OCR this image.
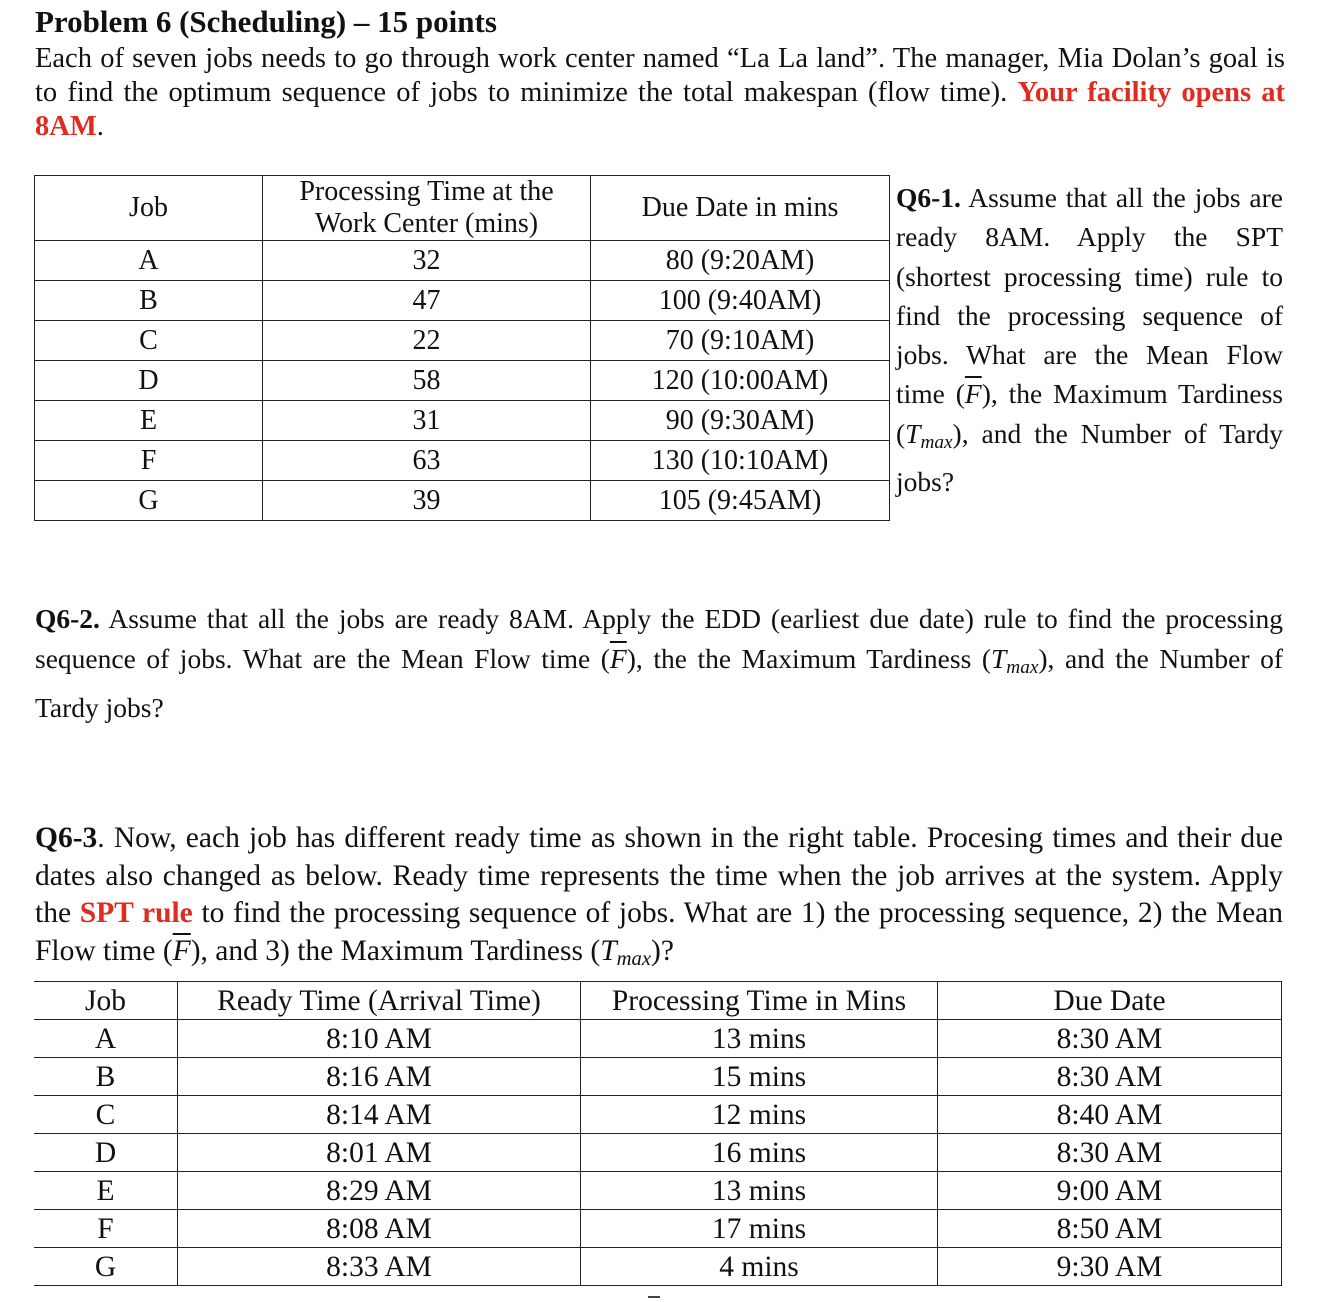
Problem 6 (Scheduling) – 15 points

Each of seven jobs needs to go through work center named “La La land”. The manager, Mia Dolan’s goal is to find the optimum sequence of jobs to minimize the total makespan (flow time). Your facility opens at 8AM.

Job	Processing Time at the Work Center (mins)	Due Date in mins
A	32	80 (9:20AM)
B	47	100 (9:40AM)
C	22	70 (9:10AM)
D	58	120 (10:00AM)
E	31	90 (9:30AM)
F	63	130 (10:10AM)
G	39	105 (9:45AM)

Q6-1. Assume that all the jobs are ready 8AM. Apply the SPT (shortest processing time) rule to find the processing sequence of jobs. What are the Mean Flow time $(\overline{F})$, the Maximum Tardiness $(T_{max})$, and the Number of Tardy jobs?

Q6-2. Assume that all the jobs are ready 8AM. Apply the EDD (earliest due date) rule to find the processing sequence of jobs. What are the Mean Flow time $(\overline{F})$, the the Maximum Tardiness $(T_{max})$, and the Number of Tardy jobs?

Q6-3. Now, each job has different ready time as shown in the right table. Procesing times and their due dates also changed as below. Ready time represents the time when the job arrives at the system. Apply the SPT rule to find the processing sequence of jobs. What are 1) the processing sequence, 2) the Mean Flow time $(\overline{F})$, and 3) the Maximum Tardiness $(T_{max})$?

Job	Ready Time (Arrival Time)	Processing Time in Mins	Due Date
A	8:10 AM	13 mins	8:30 AM
B	8:16 AM	15 mins	8:30 AM
C	8:14 AM	12 mins	8:40 AM
D	8:01 AM	16 mins	8:30 AM
E	8:29 AM	13 mins	9:00 AM
F	8:08 AM	17 mins	8:50 AM
G	8:33 AM	4 mins	9:30 AM
